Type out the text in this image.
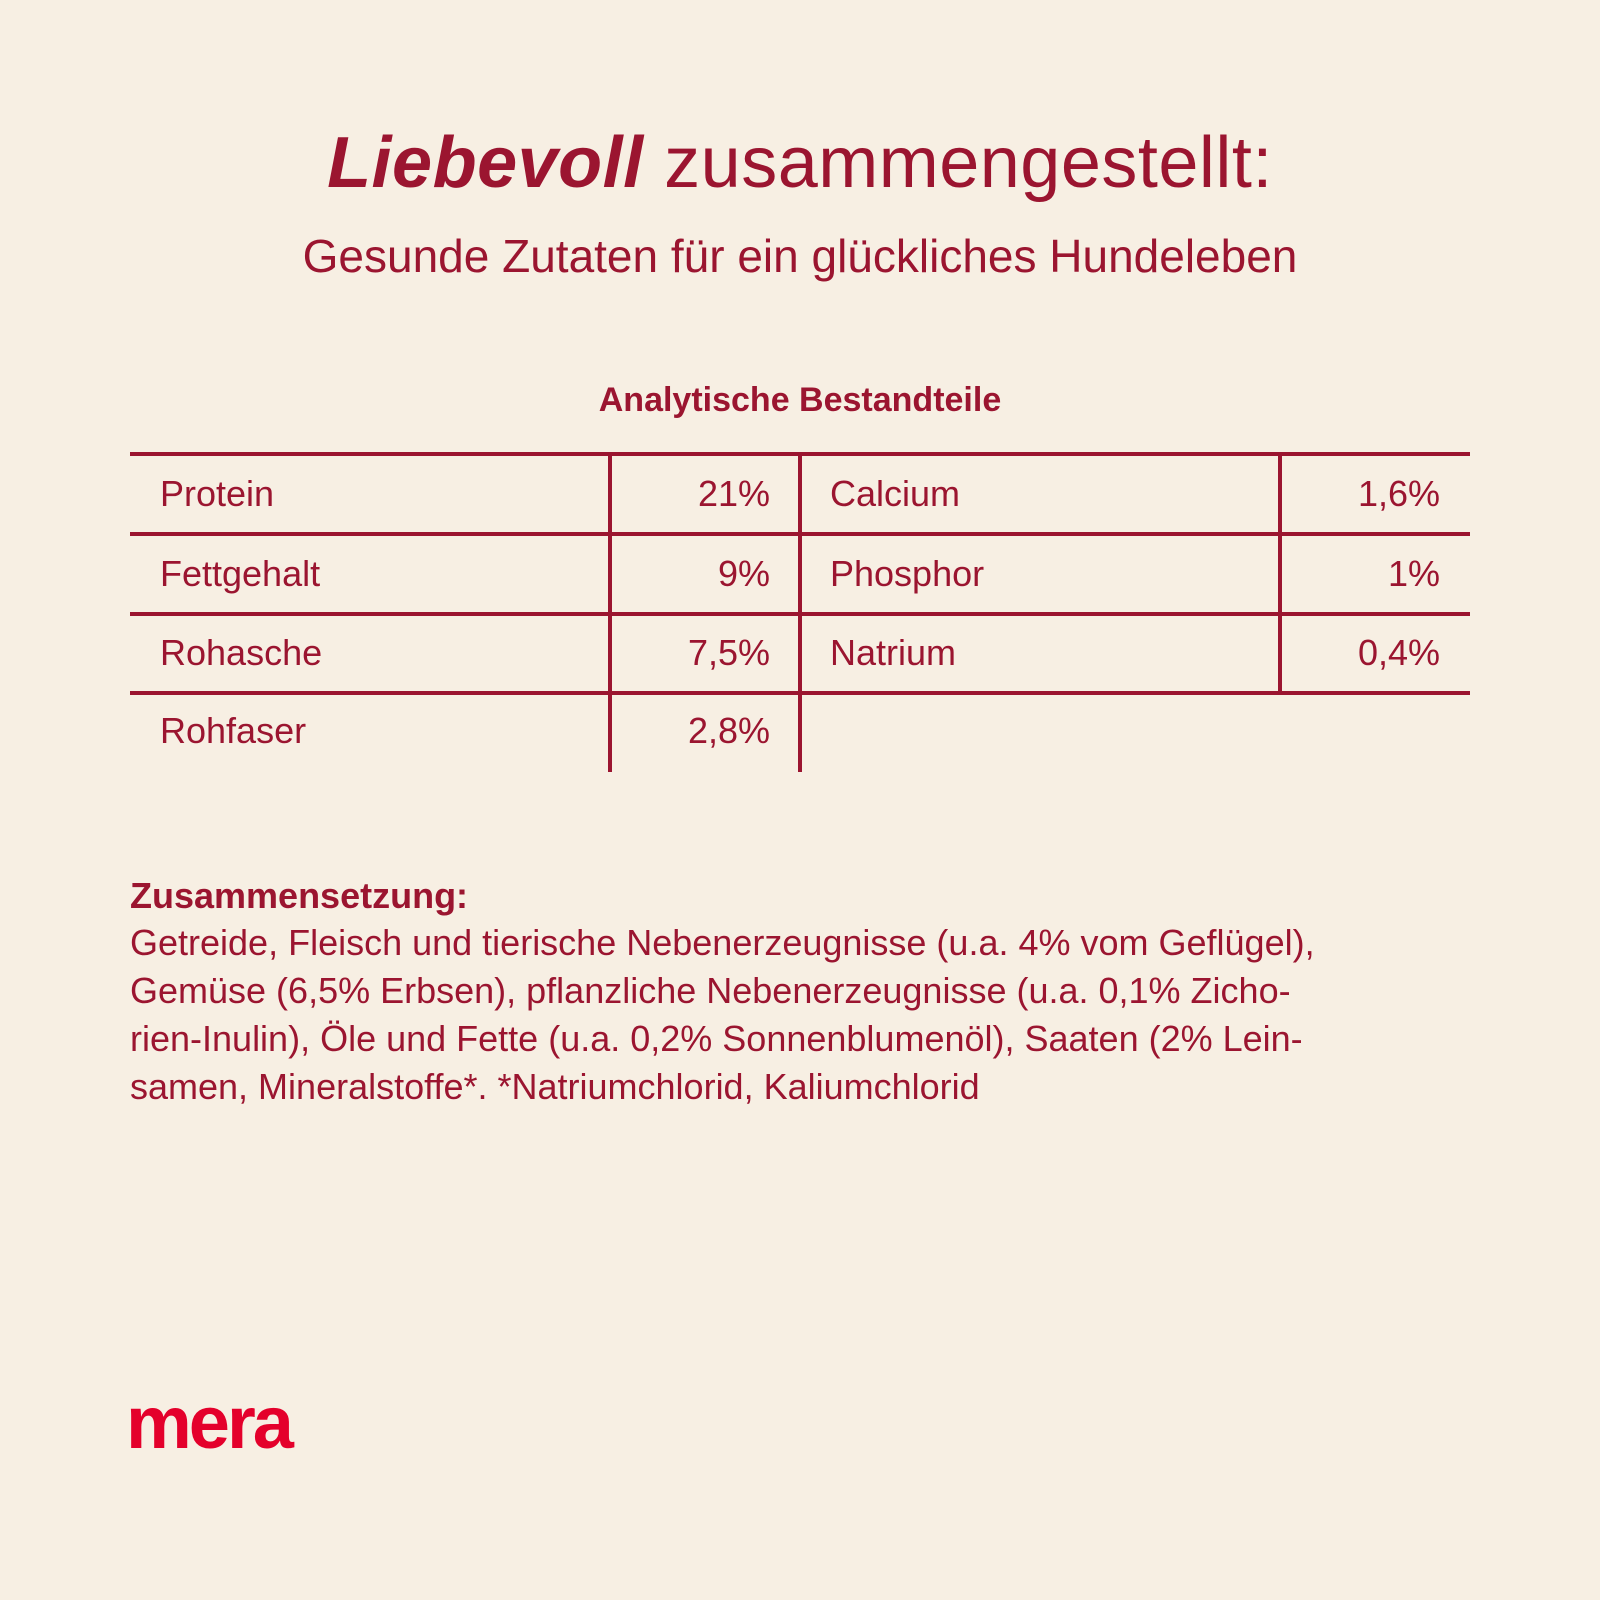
Liebevoll zusammengestellt:
Gesunde Zutaten für ein glückliches Hundeleben
Analytische Bestandteile
Protein	21% Calcium	1,6%
Fettgehalt	9% Phosphor	1%
Rohasche	7,5% Natrium	0,4%
Rohfaser	2,8%
Zusammensetzung:
Getreide, Fleisch und tierische Nebenerzeugnisse (u.a. 4% vom Geflügel),
Gemüse (6,5% Erbsen), pflanzliche Nebenerzeugnisse (u.a. 0,1% Zicho-
rien-Inulin), Öle und Fette (u.a. 0,2% Sonnenblumenöl), Saaten (2% Lein-
samen, Mineralstoffe*. *Natriumchlorid, Kaliumchlorid
mera
